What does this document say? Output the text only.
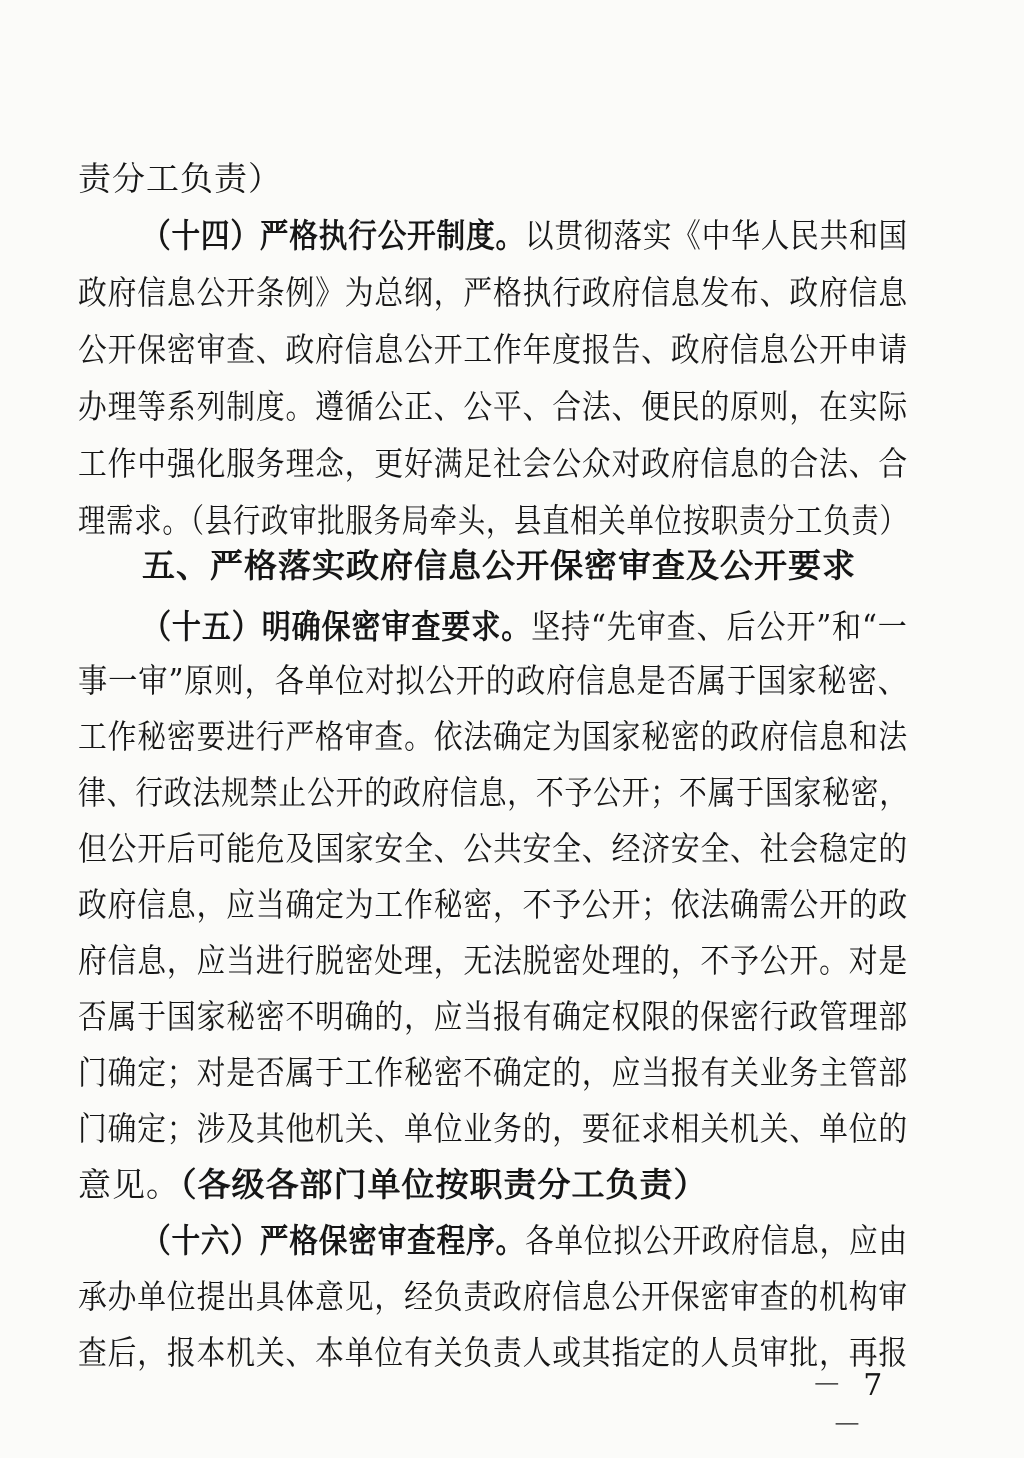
责分工负责）
（十四）严格执行公开制度。以贯彻落实《中华人民共和国
政府信息公开条例》为总纲，严格执行政府信息发布、政府信息
公开保密审查、政府信息公开工作年度报告、政府信息公开申请
办理等系列制度。遵循公正、公平、合法、便民的原则，在实际
工作中强化服务理念，更好满足社会公众对政府信息的合法、合
理需求。（县行政审批服务局牵头，县直相关单位按职责分工负责）
五、严格落实政府信息公开保密审查及公开要求
（十五）明确保密审查要求。坚持“先审查、后公开”和“一
事一审”原则，各单位对拟公开的政府信息是否属于国家秘密、
工作秘密要进行严格审查。依法确定为国家秘密的政府信息和法
律、行政法规禁止公开的政府信息，不予公开；不属于国家秘密，
但公开后可能危及国家安全、公共安全、经济安全、社会稳定的
政府信息，应当确定为工作秘密，不予公开；依法确需公开的政
府信息，应当进行脱密处理，无法脱密处理的，不予公开。对是
否属于国家秘密不明确的，应当报有确定权限的保密行政管理部
门确定；对是否属于工作秘密不确定的，应当报有关业务主管部
门确定；涉及其他机关、单位业务的，要征求相关机关、单位的
意见。（各级各部门单位按职责分工负责）
（十六）严格保密审查程序。各单位拟公开政府信息，应由
承办单位提出具体意见，经负责政府信息公开保密审查的机构审
查后，报本机关、本单位有关负责人或其指定的人员审批，再报
－ 7 －
